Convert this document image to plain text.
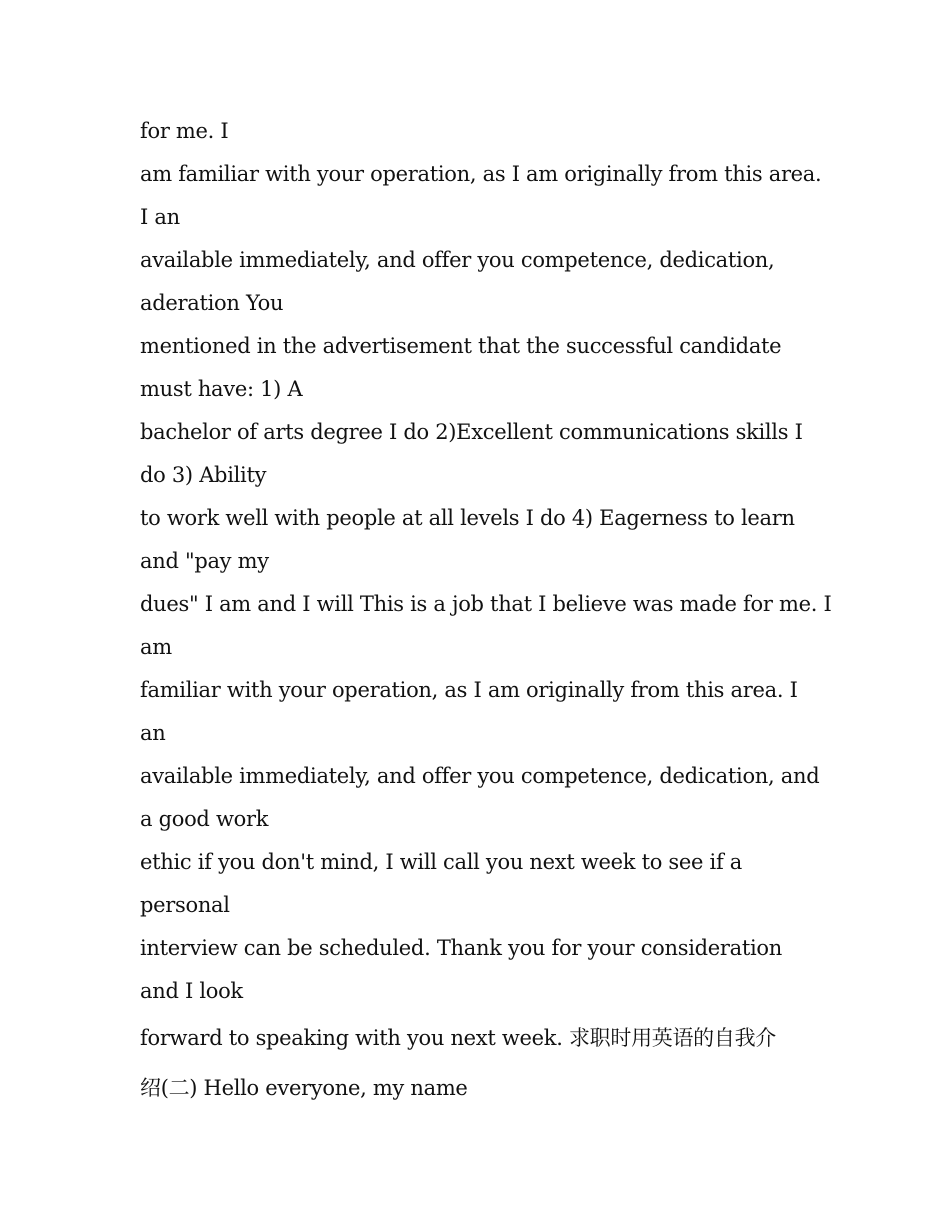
for me. I
am familiar with your operation, as I am originally from this area.
I an
available immediately, and offer you competence, dedication,
aderation You
mentioned in the advertisement that the successful candidate
must have: 1) A
bachelor of arts degree I do 2)Excellent communications skills I
do 3) Ability
to work well with people at all levels I do 4) Eagerness to learn
and "pay my
dues" I am and I will This is a job that I believe was made for me. I
am
familiar with your operation, as I am originally from this area. I
an
available immediately, and offer you competence, dedication, and
a good work
ethic if you don't mind, I will call you next week to see if a
personal
interview can be scheduled. Thank you for your consideration
and I look
forward to speaking with you next week. 求职时用英语的自我介
绍(二) Hello everyone, my name
